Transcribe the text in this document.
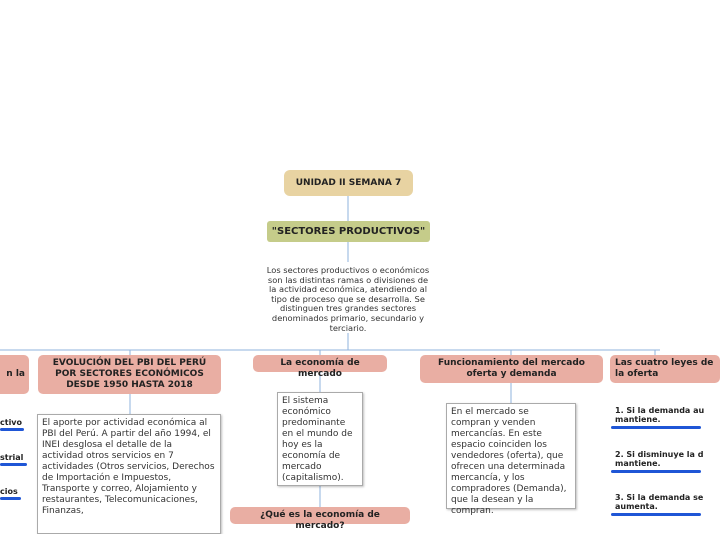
UNIDAD II SEMANA 7
"SECTORES PRODUCTIVOS"
Los sectores productivos o económicos son las distintas ramas o divisiones de la actividad económica, atendiendo al tipo de proceso que se desarrolla. Se distinguen tres grandes sectores denominados primario, secundario y terciario.
n la
ctivo
strial
cios
EVOLUCIÓN DEL PBI DEL PERÚ POR SECTORES ECONÓMICOS DESDE 1950 HASTA 2018
El aporte por actividad económica al PBI del Perú. A partir del año 1994, el INEI desglosa el detalle de la actividad otros servicios en 7 actividades (Otros servicios, Derechos de Importación e Impuestos, Transporte y correo, Alojamiento y restaurantes, Telecomunicaciones, Finanzas,
La economía de mercado
El sistema económico predominante en el mundo de hoy es la economía de mercado (capitalismo).
¿Qué es la economía de mercado?
Funcionamiento del mercado oferta y demanda
En el mercado se compran y venden mercancías. En este espacio coinciden los vendedores (oferta), que ofrecen una determinada mercancía, y los compradores (Demanda), que la desean y la compran.
Las cuatro leyes de la oferta
1. Si la demanda au mantiene.
2. Si disminuye la d mantiene.
3. Si la demanda se aumenta.
